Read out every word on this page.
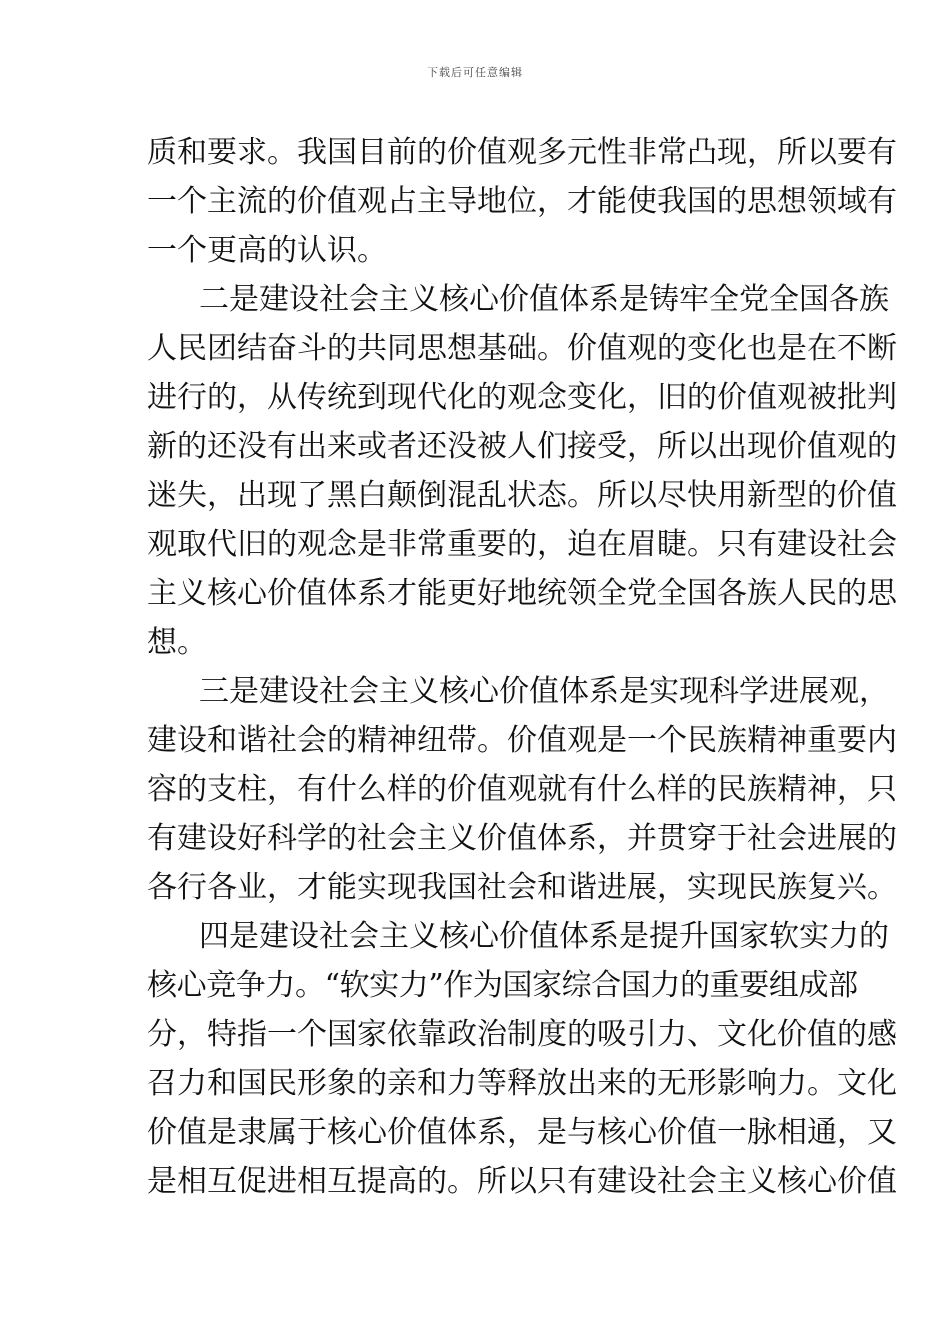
下载后可任意编辑
质和要求。我国目前的价值观多元性非常凸现，所以要有
一个主流的价值观占主导地位，才能使我国的思想领域有
一个更高的认识。
二是建设社会主义核心价值体系是铸牢全党全国各族
人民团结奋斗的共同思想基础。价值观的变化也是在不断
进行的，从传统到现代化的观念变化，旧的价值观被批判
新的还没有出来或者还没被人们接受，所以出现价值观的
迷失，出现了黑白颠倒混乱状态。所以尽快用新型的价值
观取代旧的观念是非常重要的，迫在眉睫。只有建设社会
主义核心价值体系才能更好地统领全党全国各族人民的思
想。
三是建设社会主义核心价值体系是实现科学进展观，
建设和谐社会的精神纽带。价值观是一个民族精神重要内
容的支柱，有什么样的价值观就有什么样的民族精神，只
有建设好科学的社会主义价值体系，并贯穿于社会进展的
各行各业，才能实现我国社会和谐进展，实现民族复兴。
四是建设社会主义核心价值体系是提升国家软实力的
核心竞争力。“软实力”作为国家综合国力的重要组成部
分，特指一个国家依靠政治制度的吸引力、文化价值的感
召力和国民形象的亲和力等释放出来的无形影响力。文化
价值是隶属于核心价值体系，是与核心价值一脉相通，又
是相互促进相互提高的。所以只有建设社会主义核心价值
